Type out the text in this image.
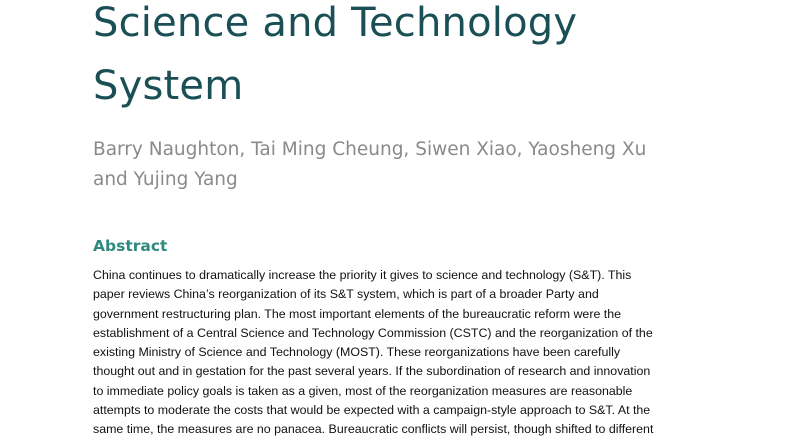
Science and Technology
System
Barry Naughton, Tai Ming Cheung, Siwen Xiao, Yaosheng Xu
and Yujing Yang
Abstract
China continues to dramatically increase the priority it gives to science and technology (S&T). This
paper reviews China’s reorganization of its S&T system, which is part of a broader Party and
government restructuring plan. The most important elements of the bureaucratic reform were the
establishment of a Central Science and Technology Commission (CSTC) and the reorganization of the
existing Ministry of Science and Technology (MOST). These reorganizations have been carefully
thought out and in gestation for the past several years. If the subordination of research and innovation
to immediate policy goals is taken as a given, most of the reorganization measures are reasonable
attempts to moderate the costs that would be expected with a campaign-style approach to S&T. At the
same time, the measures are no panacea. Bureaucratic conflicts will persist, though shifted to different
